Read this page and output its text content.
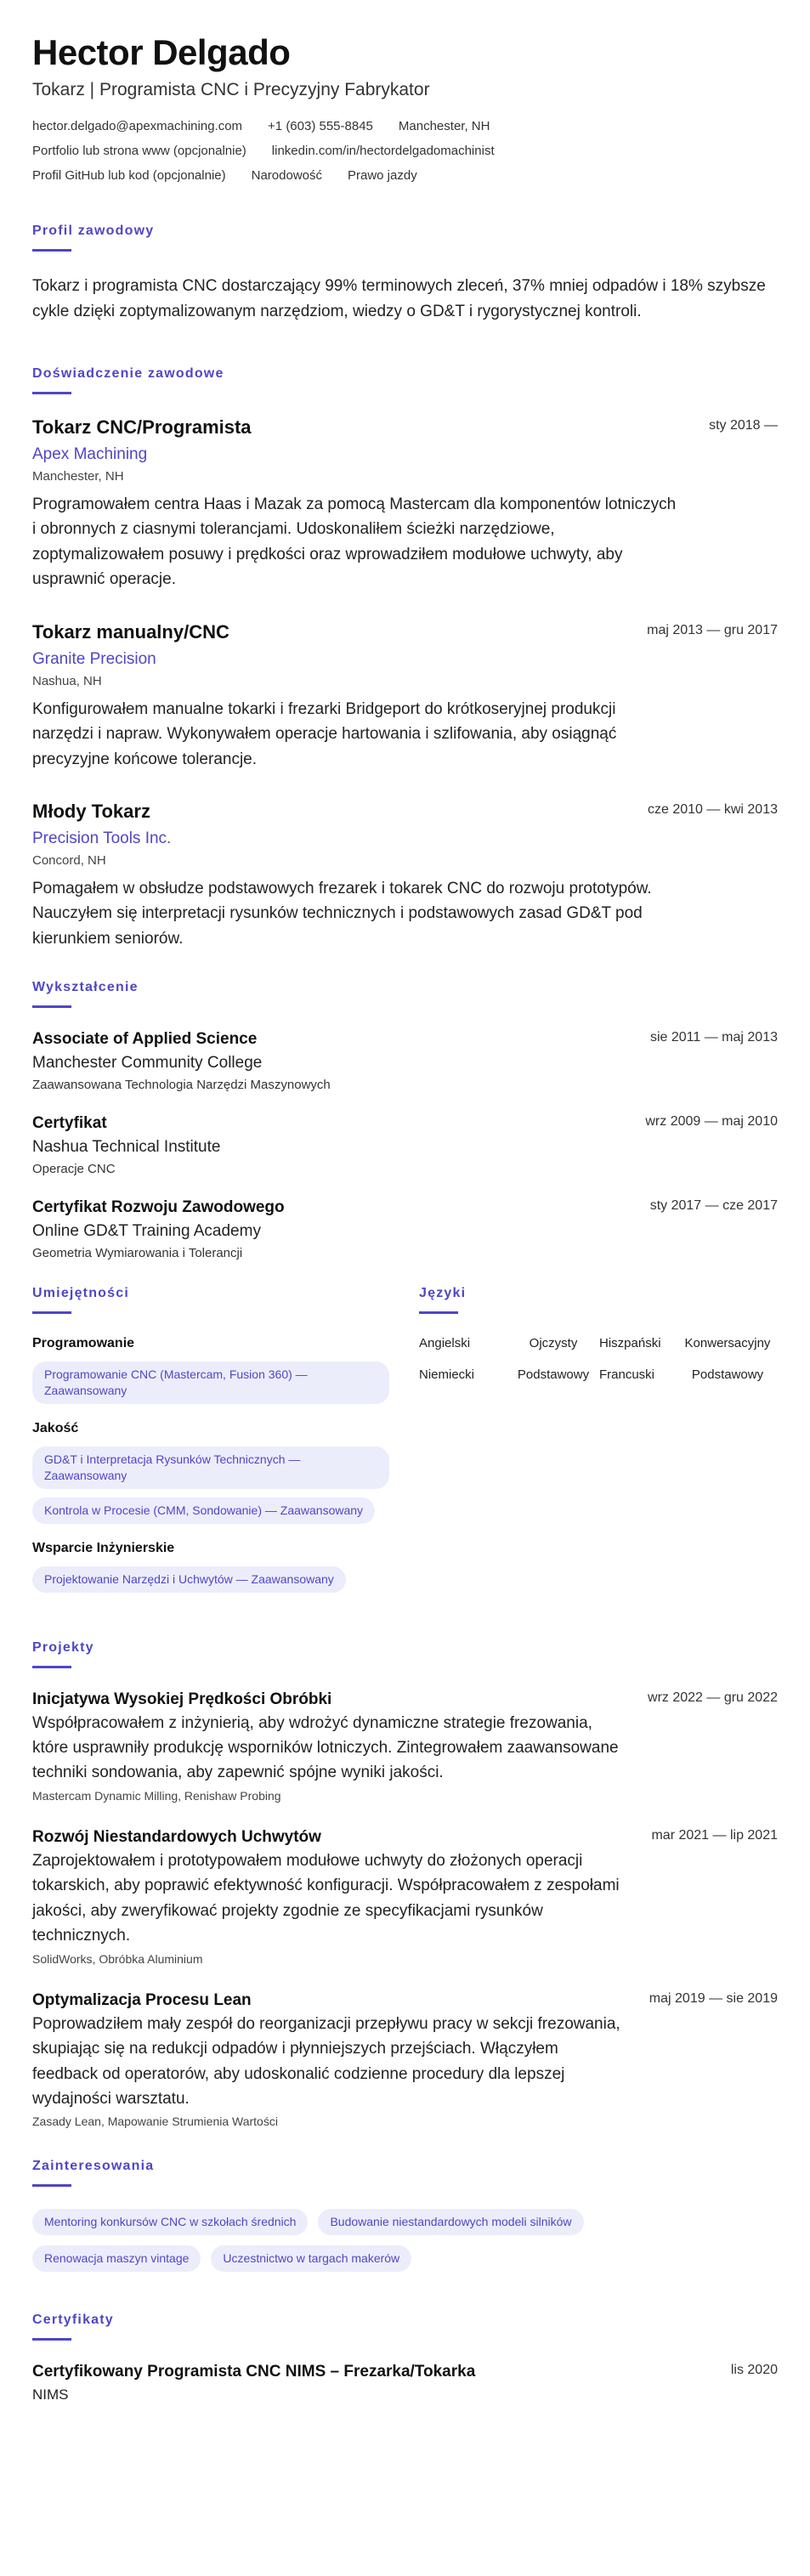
Hector Delgado
Tokarz | Programista CNC i Precyzyjny Fabrykator
hector.delgado@apexmachining.com +1 (603) 555-8845 Manchester, NH
Portfolio lub strona www (opcjonalnie) linkedin.com/in/hectordelgadomachinist
Profil GitHub lub kod (opcjonalnie) Narodowość Prawo jazdy
Profil zawodowy

Tokarz i programista CNC dostarczający 99% terminowych zleceń, 37% mniej odpadów i 18% szybsze cykle dzięki zoptymalizowanym narzędziom, wiedzy o GD&T i rygorystycznej kontroli.

Doświadczenie zawodowe
Tokarz CNC/Programista	sty 2018 —
Apex Machining
Manchester, NH

Programowałem centra Haas i Mazak za pomocą Mastercam dla komponentów lotniczych i obronnych z ciasnymi tolerancjami. Udoskonaliłem ścieżki narzędziowe, zoptymalizowałem posuwy i prędkości oraz wprowadziłem modułowe uchwyty, aby usprawnić operacje.

Tokarz manualny/CNC	maj 2013 — gru 2017
Granite Precision
Nashua, NH

Konfigurowałem manualne tokarki i frezarki Bridgeport do krótkoseryjnej produkcji narzędzi i napraw. Wykonywałem operacje hartowania i szlifowania, aby osiągnąć precyzyjne końcowe tolerancje.

Młody Tokarz	cze 2010 — kwi 2013
Precision Tools Inc.
Concord, NH

Pomagałem w obsłudze podstawowych frezarek i tokarek CNC do rozwoju prototypów. Nauczyłem się interpretacji rysunków technicznych i podstawowych zasad GD&T pod kierunkiem seniorów.

Wykształcenie
Associate of Applied Science	sie 2011 — maj 2013
Manchester Community College
Zaawansowana Technologia Narzędzi Maszynowych
Certyfikat	wrz 2009 — maj 2010
Nashua Technical Institute
Operacje CNC
Certyfikat Rozwoju Zawodowego	sty 2017 — cze 2017
Online GD&T Training Academy
Geometria Wymiarowania i Tolerancji
Umiejętności
Programowanie
Programowanie CNC (Mastercam, Fusion 360) — Zaawansowany
Jakość
GD&T i Interpretacja Rysunków Technicznych — Zaawansowany
Kontrola w Procesie (CMM, Sondowanie) — Zaawansowany
Wsparcie Inżynierskie
Projektowanie Narzędzi i Uchwytów — Zaawansowany
Języki
Angielski	Ojczysty	Hiszpański	Konwersacyjny
Niemiecki	Podstawowy Francuski	Podstawowy
Projekty
Inicjatywa Wysokiej Prędkości Obróbki	wrz 2022 — gru 2022

Współpracowałem z inżynierią, aby wdrożyć dynamiczne strategie frezowania, które usprawniły produkcję wsporników lotniczych. Zintegrowałem zaawansowane techniki sondowania, aby zapewnić spójne wyniki jakości.

Mastercam Dynamic Milling, Renishaw Probing
Rozwój Niestandardowych Uchwytów	mar 2021 — lip 2021

Zaprojektowałem i prototypowałem modułowe uchwyty do złożonych operacji tokarskich, aby poprawić efektywność konfiguracji. Współpracowałem z zespołami jakości, aby zweryfikować projekty zgodnie ze specyfikacjami rysunków technicznych.

SolidWorks, Obróbka Aluminium
Optymalizacja Procesu Lean	maj 2019 — sie 2019

Poprowadziłem mały zespół do reorganizacji przepływu pracy w sekcji frezowania, skupiając się na redukcji odpadów i płynniejszych przejściach. Włączyłem feedback od operatorów, aby udoskonalić codzienne procedury dla lepszej wydajności warsztatu.

Zasady Lean, Mapowanie Strumienia Wartości
Zainteresowania
Mentoring konkursów CNC w szkołach średnich	Budowanie niestandardowych modeli silników
Renowacja maszyn vintage	Uczestnictwo w targach makerów
Certyfikaty
Certyfikowany Programista CNC NIMS – Frezarka/Tokarka	lis 2020
NIMS
